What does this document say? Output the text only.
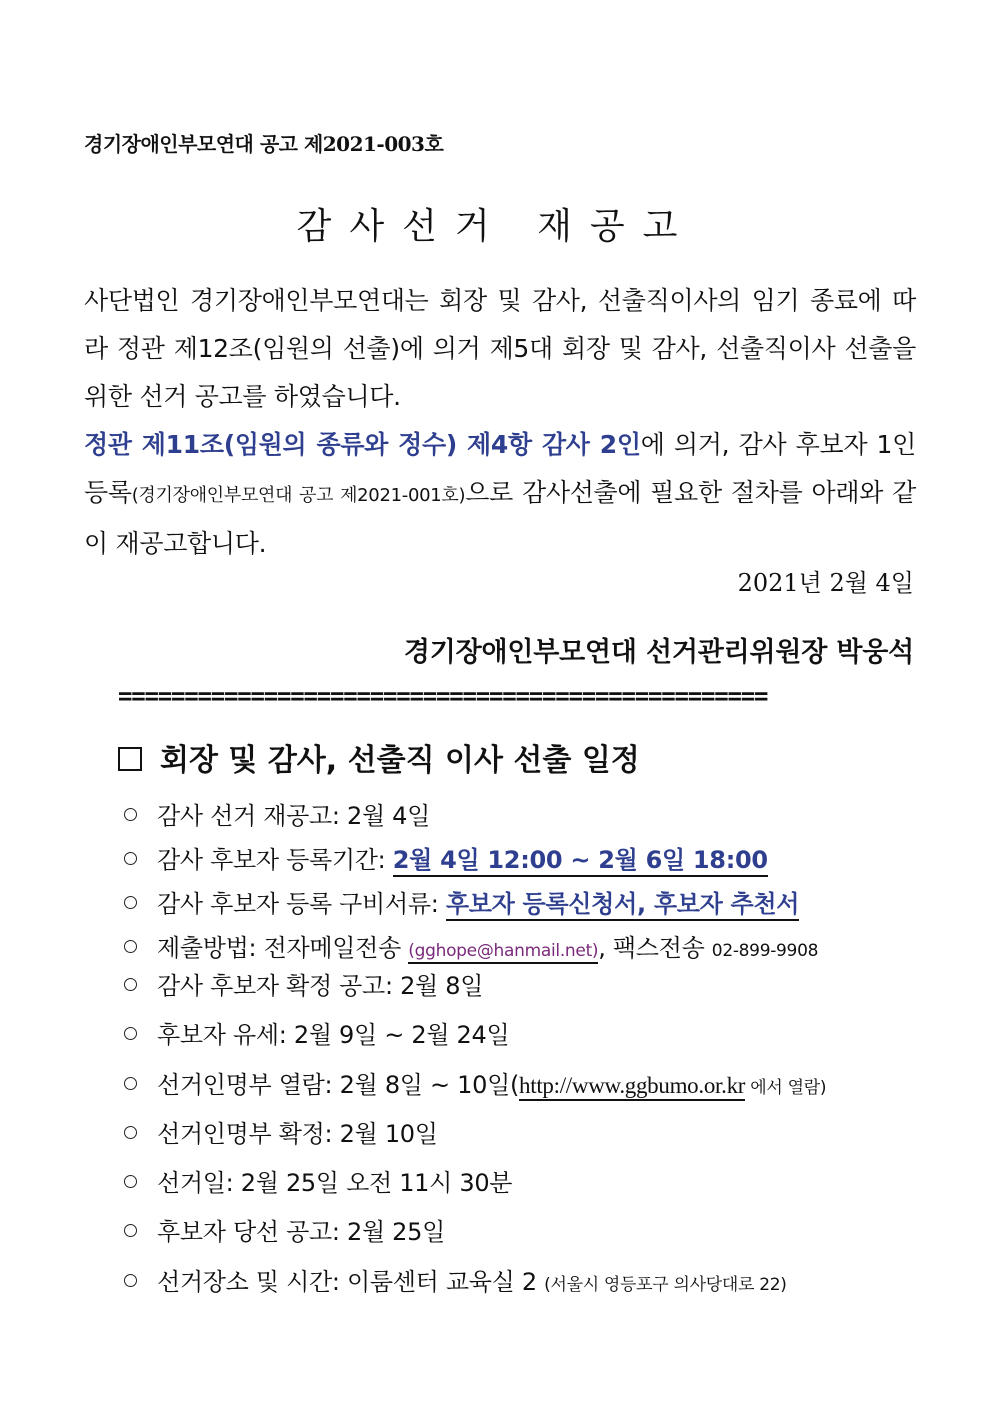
경기장애인부모연대 공고 제2021-003호
감사선거 재공고
사단법인 경기장애인부모연대는 회장 및 감사, 선출직이사의 임기 종료에 따라 정관 제12조(임원의 선출)에 의거 제5대 회장 및 감사, 선출직이사 선출을 위한 선거 공고를 하였습니다.
정관 제11조(임원의 종류와 정수) 제4항 감사 2인에 의거, 감사 후보자 1인 등록(경기장애인부모연대 공고 제2021-001호)으로 감사선출에 필요한 절차를 아래와 같이 재공고합니다.
2021년 2월 4일
경기장애인부모연대 선거관리위원장 박웅석
=================================================
회장 및 감사, 선출직 이사 선출 일정
감사 선거 재공고: 2월 4일
감사 후보자 등록기간: 2월 4일 12:00 ~ 2월 6일 18:00
감사 후보자 등록 구비서류: 후보자 등록신청서, 후보자 추천서
제출방법: 전자메일전송 (gghope@hanmail.net), 팩스전송 02-899-9908
감사 후보자 확정 공고: 2월 8일
후보자 유세: 2월 9일 ~ 2월 24일
선거인명부 열람: 2월 8일 ~ 10일(http://www.ggbumo.or.kr 에서 열람)
선거인명부 확정: 2월 10일
선거일: 2월 25일 오전 11시 30분
후보자 당선 공고: 2월 25일
선거장소 및 시간: 이룸센터 교육실 2 (서울시 영등포구 의사당대로 22)
